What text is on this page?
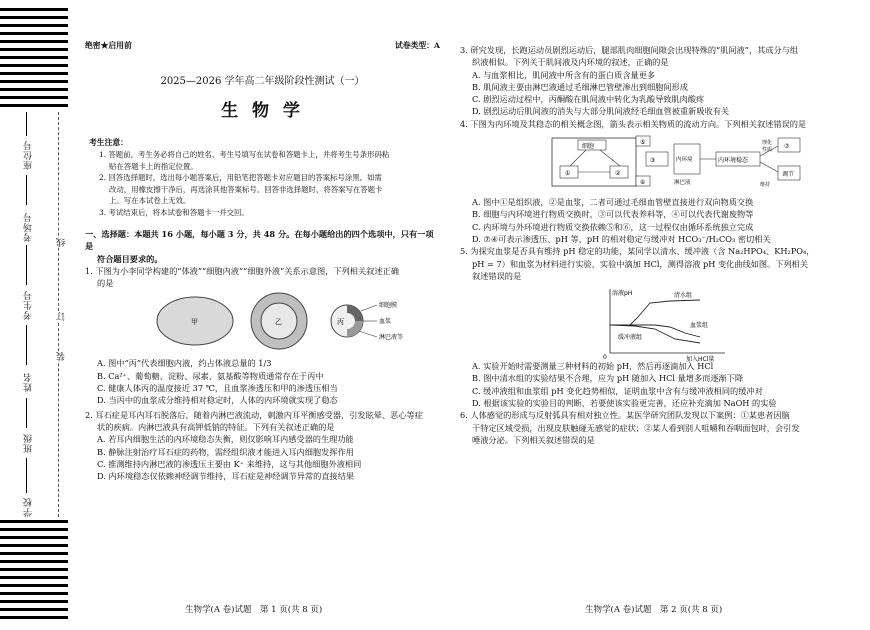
座位号
考场号
考生号
姓名
班级
学校
线
订
装
绝密★启用前	试卷类型：A
2025—2026 学年高二年级阶段性测试（一）
生 物 学
考生注意：

1. 答题前，考生务必将自己的姓名、考生号填写在试卷和答题卡上，并将考生号条形码粘

贴在答题卡上的指定位置。

2. 回答选择题时，选出每小题答案后，用铅笔把答题卡对应题目的答案标号涂黑。如需

改动，用橡皮擦干净后，再选涂其他答案标号。回答非选择题时，将答案写在答题卡

上。写在本试卷上无效。

3. 考试结束后，将本试卷和答题卡一并交回。

一、选择题：本题共 16 小题，每小题 3 分，共 48 分。在每小题给出的四个选项中，只有一项是

符合题目要求的。

1. 下图为小李同学构建的“体液”“细胞内液”“细胞外液”关系示意图，下列相关叙述正确

的是

甲	乙	丙
细胞膜
血浆
淋巴液等

A. 图中“丙”代表细胞内液，约占体液总量的 1/3

B. Ca²⁺、葡萄糖、淀粉、尿素、氨基酸等物质通常存在于丙中

C. 健康人体丙的温度接近 37 ℃，且血浆渗透压和甲的渗透压相当

D. 当丙中的血浆成分维持相对稳定时，人体的内环境就实现了稳态

2. 耳石症是耳内耳石脱落后，随着内淋巴液流动，刺激内耳平衡感受器，引发眩晕、恶心等症

状的疾病。内淋巴液具有高钾低钠的特征。下列有关叙述正确的是

A. 若耳内细胞生活的内环境稳态失衡，则仅影响耳内感受器的生理功能

B. 静脉注射治疗耳石症的药物，需经组织液才能进入耳内细胞发挥作用

C. 推测维持内淋巴液的渗透压主要由 K⁺ 来维持，这与其他细胞外液相同

D. 内环境稳态仅依赖神经调节维持，耳石症是神经调节异常的直接结果

3. 研究发现，长跑运动员剧烈运动后，腿部肌肉细胞间隙会出现特殊的“肌间液”，其成分与组

织液相似。下列关于肌间液及内环境的叙述，正确的是

A. 与血浆相比，肌间液中所含有的蛋白质含量更多

B. 肌间液主要由淋巴液通过毛细淋巴管壁渗出到细胞间形成

C. 剧烈运动过程中，丙酮酸在肌间液中转化为乳酸导致肌肉酸疼

D. 剧烈运动后肌间液的消失与大部分肌间液经毛细血管被重新吸收有关

4. 下图为内环境及其稳态的相关概念图，箭头表示相关物质的流动方向。下列相关叙述错误的是

细胞
①	②
③	内环境
淋巴液
⑤
⑥
内环境稳态
⑦
理化
性质
调节
维持

A. 图中①是组织液，②是血浆，二者可通过毛细血管壁直接进行双向物质交换

B. 细胞与内环境进行物质交换时，③可以代表养料等，④可以代表代谢废物等

C. 内环境与外环境进行物质交换依赖⑤和⑥，这一过程仅由循环系统独立完成

D. ⑦④可表示渗透压、pH 等，pH 的相对稳定与缓冲对 HCO₃⁻/H₂CO₃ 密切相关

5. 为探究血浆是否具有维持 pH 稳定的功能，某同学以清水、缓冲液（含 Na₂HPO₄、KH₂PO₄，

pH = 7）和血浆为材料进行实验，实验中滴加 HCl，测得溶液 pH 变化曲线如图。下列相关

叙述错误的是

溶液pH	清水组
血浆组
缓冲液组
加入HCl量
0

A. 实验开始时需要测量三种材料的初始 pH，然后再逐滴加入 HCl

B. 图中清水组的实验结果不合理，应为 pH 随加入 HCl 量增多而逐渐下降

C. 缓冲液组和血浆组 pH 变化趋势相似，证明血浆中含有与缓冲液相同的缓冲对

D. 根据该实验的实验目的判断，若要使该实验更完善，还应补充滴加 NaOH 的实验

6. 人体感觉的形成与反射弧具有相对独立性。某医学研究团队发现以下案例：①某患者因脑

干特定区域受损，出现皮肤触碰无感觉的症状；②某人看到别人咀嚼和吞咽面包时，会引发

唾液分泌。下列相关叙述错误的是

生物学(A 卷)试题　第 1 页(共 8 页)	生物学(A 卷)试题　第 2 页(共 8 页)
